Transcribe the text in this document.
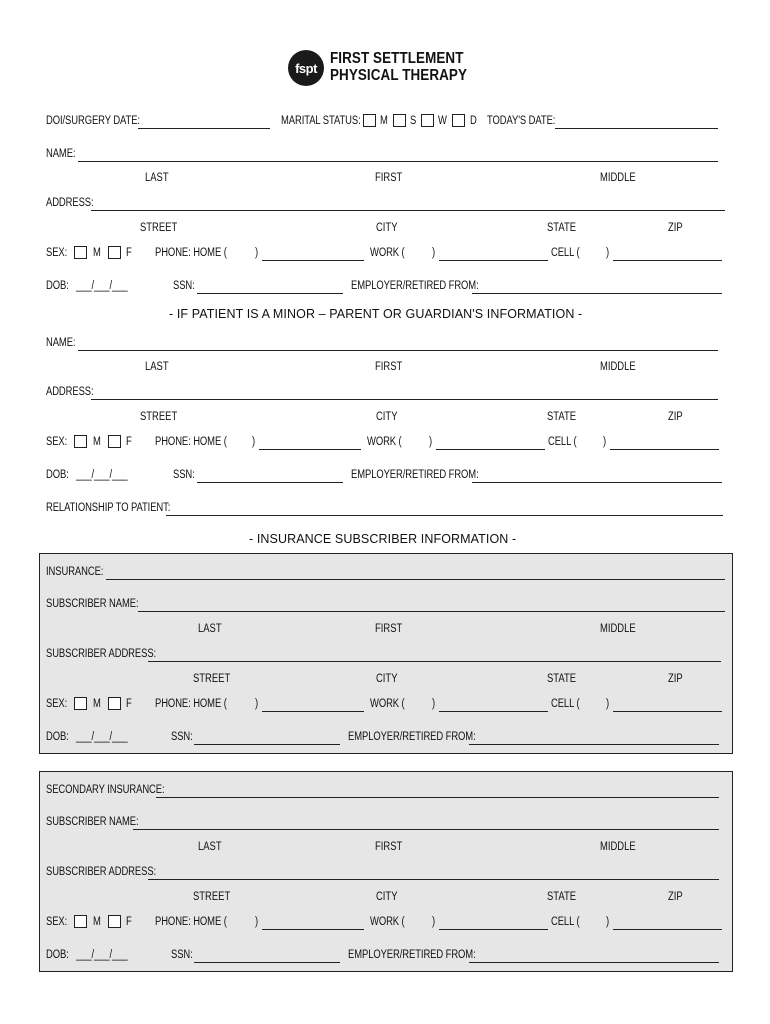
fspt
FIRST SETTLEMENT
PHYSICAL THERAPY
DOI/SURGERY DATE:	MARITAL STATUS: M S W D TODAY'S DATE:
NAME:
LAST	FIRST	MIDDLE
ADDRESS:
STREET	CITY	STATE	ZIP
SEX: M F PHONE: HOME ( )	WORK ( )	CELL ( )
DOB: ___/___/___	SSN:	EMPLOYER/RETIRED FROM:
- IF PATIENT IS A MINOR – PARENT OR GUARDIAN'S INFORMATION -
NAME:
LAST	FIRST	MIDDLE
ADDRESS:
STREET	CITY	STATE	ZIP
SEX: M F PHONE: HOME ( )	WORK ( )	CELL ( )
DOB: ___/___/___	SSN:	EMPLOYER/RETIRED FROM:
RELATIONSHIP TO PATIENT:
- INSURANCE SUBSCRIBER INFORMATION -
INSURANCE:
SUBSCRIBER NAME:
LAST	FIRST	MIDDLE
SUBSCRIBER ADDRESS:
STREET	CITY	STATE	ZIP
SEX: M F PHONE: HOME ( )	WORK ( )	CELL ( )
DOB: ___/___/___	SSN:	EMPLOYER/RETIRED FROM:
SECONDARY INSURANCE:
SUBSCRIBER NAME:
LAST	FIRST	MIDDLE
SUBSCRIBER ADDRESS:
STREET	CITY	STATE	ZIP
SEX: M F PHONE: HOME ( )	WORK ( )	CELL ( )
DOB: ___/___/___	SSN:	EMPLOYER/RETIRED FROM:
